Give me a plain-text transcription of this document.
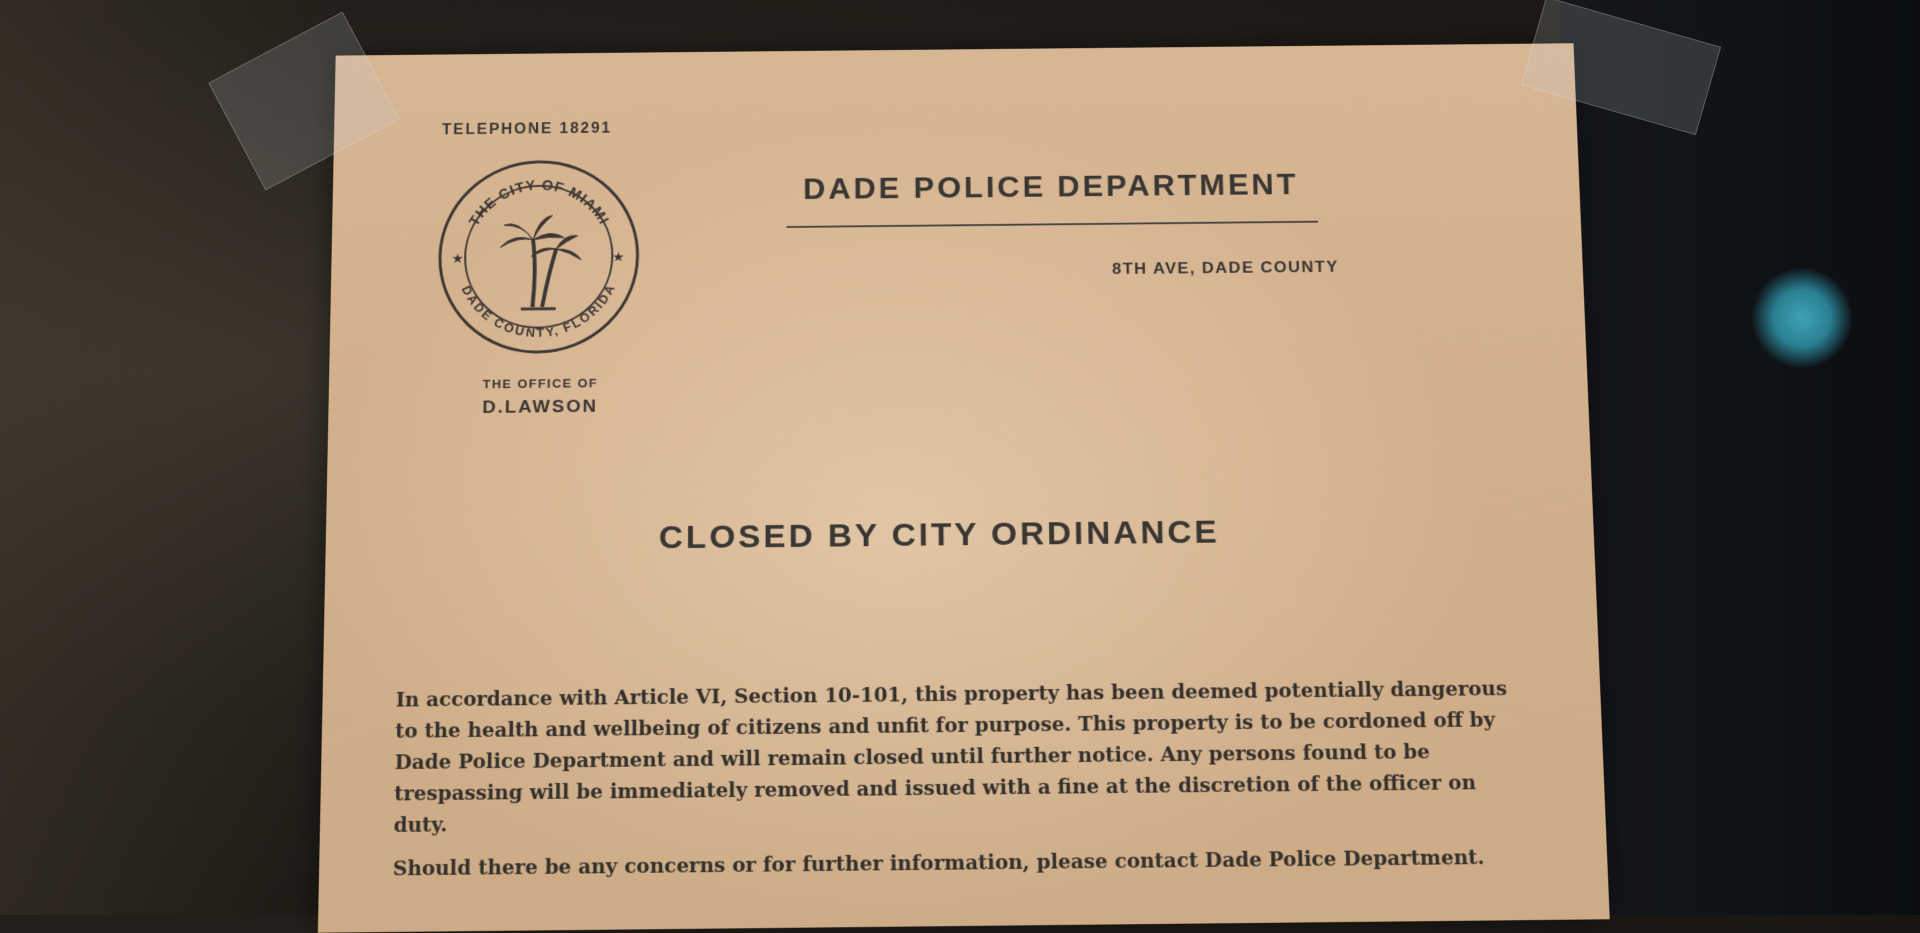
TELEPHONE 18291
THE CITY OF MIAMI
DADE COUNTY, FLORIDA
★	★
THE OFFICE OF
D.LAWSON
DADE POLICE DEPARTMENT
8TH AVE, DADE COUNTY
CLOSED BY CITY ORDINANCE
In accordance with Article VI, Section 10-101, this property has been deemed potentially dangerous to the health and wellbeing of citizens and unfit for purpose. This property is to be cordoned off by Dade Police Department and will remain closed until further notice. Any persons found to be trespassing will be immediately removed and issued with a fine at the discretion of the officer on duty.
Should there be any concerns or for further information, please contact Dade Police Department.
